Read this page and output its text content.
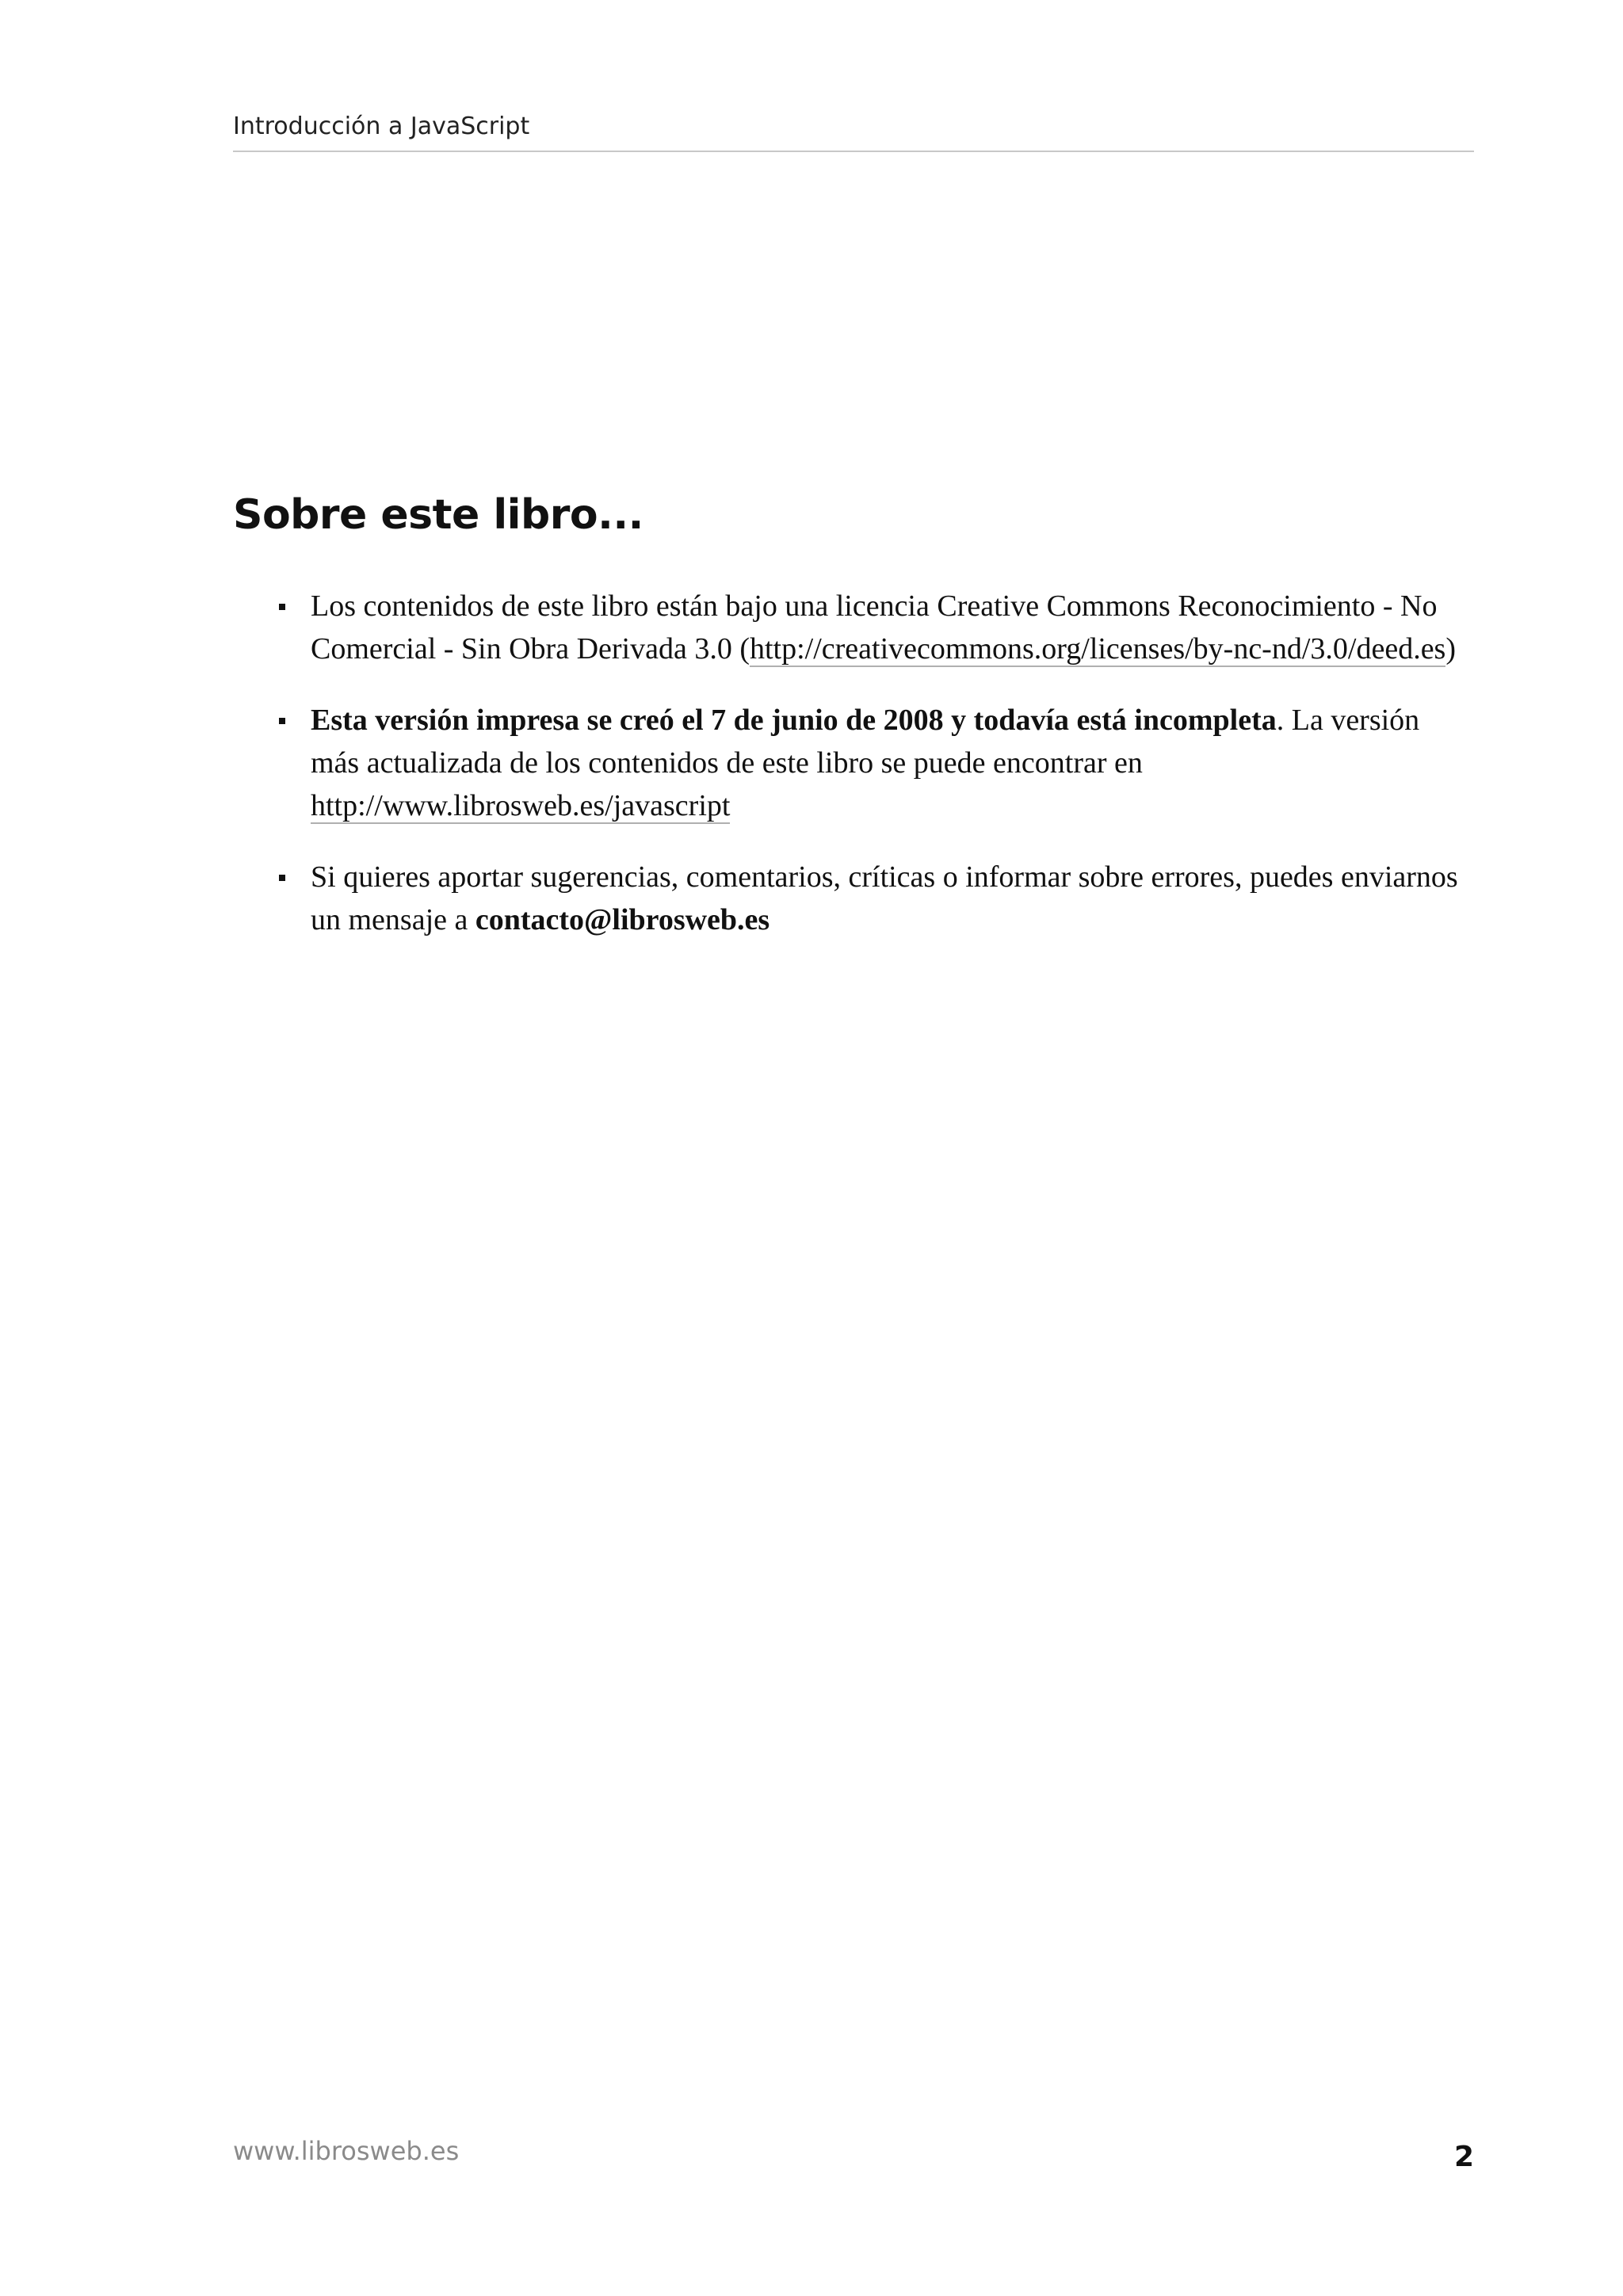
Introducción a JavaScript
Sobre este libro...
Los contenidos de este libro están bajo una licencia Creative Commons Reconocimiento - No Comercial - Sin Obra Derivada 3.0 (http://creativecommons.org/licenses/by-nc-nd/3.0/deed.es)
Esta versión impresa se creó el 7 de junio de 2008 y todavía está incompleta. La versión más actualizada de los contenidos de este libro se puede encontrar en http://www.librosweb.es/javascript
Si quieres aportar sugerencias, comentarios, críticas o informar sobre errores, puedes enviarnos un mensaje a contacto@librosweb.es
www.librosweb.es	2
